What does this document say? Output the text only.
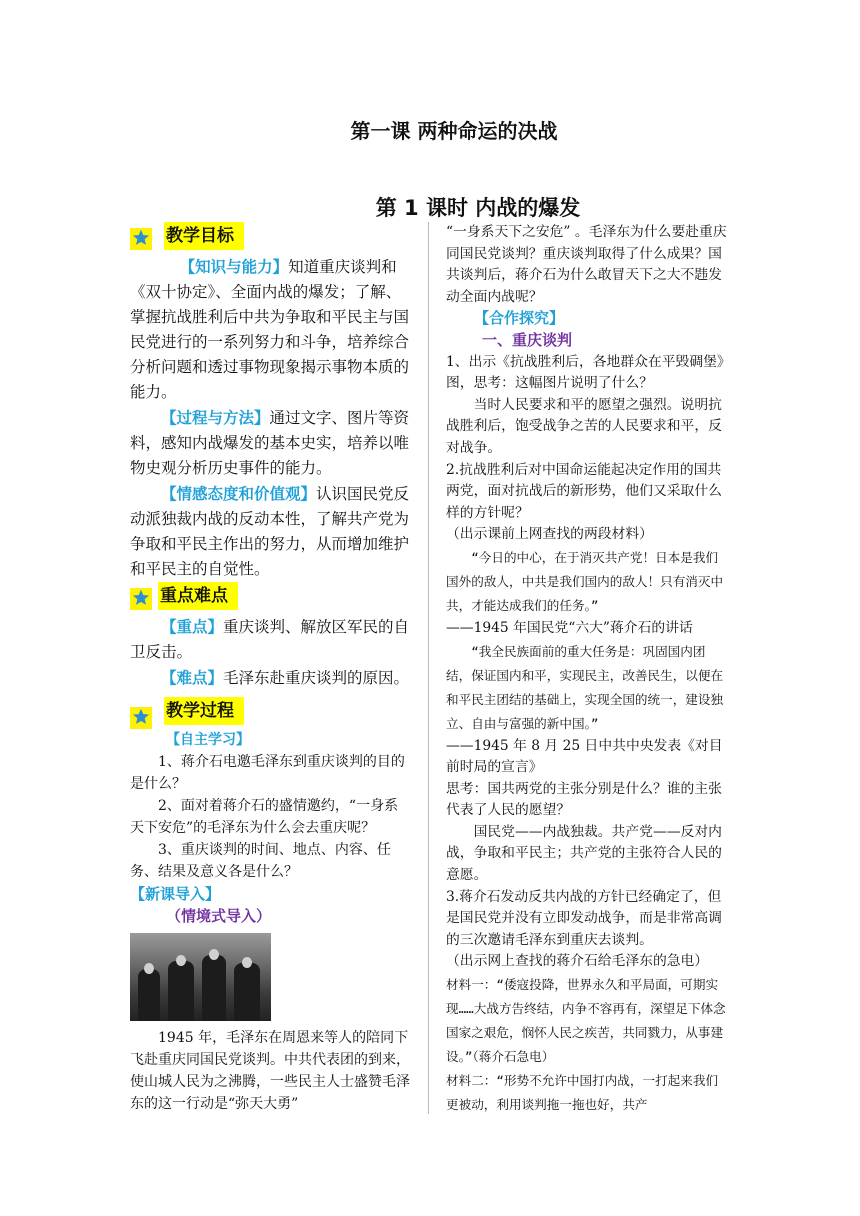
第一课 两种命运的决战
第 1 课时 内战的爆发
教学目标

【知识与能力】知道重庆谈判和《双十协定》、全面内战的爆发；了解、掌握抗战胜利后中共为争取和平民主与国民党进行的一系列努力和斗争，培养综合分析问题和透过事物现象揭示事物本质的能力。

【过程与方法】通过文字、图片等资料，感知内战爆发的基本史实，培养以唯物史观分析历史事件的能力。

【情感态度和价值观】认识国民党反动派独裁内战的反动本性，了解共产党为争取和平民主作出的努力，从而增加维护和平民主的自觉性。

重点难点

【重点】重庆谈判、解放区军民的自卫反击。

【难点】毛泽东赴重庆谈判的原因。

教学过程

【自主学习】

1、蒋介石电邀毛泽东到重庆谈判的目的是什么？

2、面对着蒋介石的盛情邀约，“一身系天下安危”的毛泽东为什么会去重庆呢？

3、重庆谈判的时间、地点、内容、任务、结果及意义各是什么？

【新课导入】

（情境式导入）

1945 年，毛泽东在周恩来等人的陪同下飞赴重庆同国民党谈判。中共代表团的到来，使山城人民为之沸腾，一些民主人士盛赞毛泽东的这一行动是“弥天大勇”

“一身系天下之安危” 。毛泽东为什么要赴重庆同国民党谈判？重庆谈判取得了什么成果？国共谈判后，蒋介石为什么敢冒天下之大不韪发动全面内战呢？

【合作探究】

一、重庆谈判

1、出示《抗战胜利后，各地群众在平毁碉堡》图，思考：这幅图片说明了什么？

当时人民要求和平的愿望之强烈。说明抗战胜利后，饱受战争之苦的人民要求和平，反对战争。

2.抗战胜利后对中国命运能起决定作用的国共两党，面对抗战后的新形势，他们又采取什么样的方针呢？

（出示课前上网查找的两段材料）

“今日的中心，在于消灭共产党！日本是我们国外的敌人，中共是我们国内的敌人！只有消灭中共，才能达成我们的任务。”

——1945 年国民党“六大”蒋介石的讲话

“我全民族面前的重大任务是：巩固国内团结，保证国内和平，实现民主，改善民生，以便在和平民主团结的基础上，实现全国的统一，建设独立、自由与富强的新中国。”

——1945 年 8 月 25 日中共中央发表《对目前时局的宣言》

思考：国共两党的主张分别是什么？谁的主张代表了人民的愿望？

国民党——内战独裁。共产党——反对内战，争取和平民主；共产党的主张符合人民的意愿。

3.蒋介石发动反共内战的方针已经确定了，但是国民党并没有立即发动战争，而是非常高调的三次邀请毛泽东到重庆去谈判。

（出示网上查找的蒋介石给毛泽东的急电）

材料一：“倭寇投降，世界永久和平局面，可期实现……大战方告终结，内争不容再有，深望足下体念国家之艰危，悯怀人民之疾苦，共同戮力，从事建设。”（蒋介石急电）

材料二：“形势不允许中国打内战，一打起来我们更被动，利用谈判拖一拖也好，共产
